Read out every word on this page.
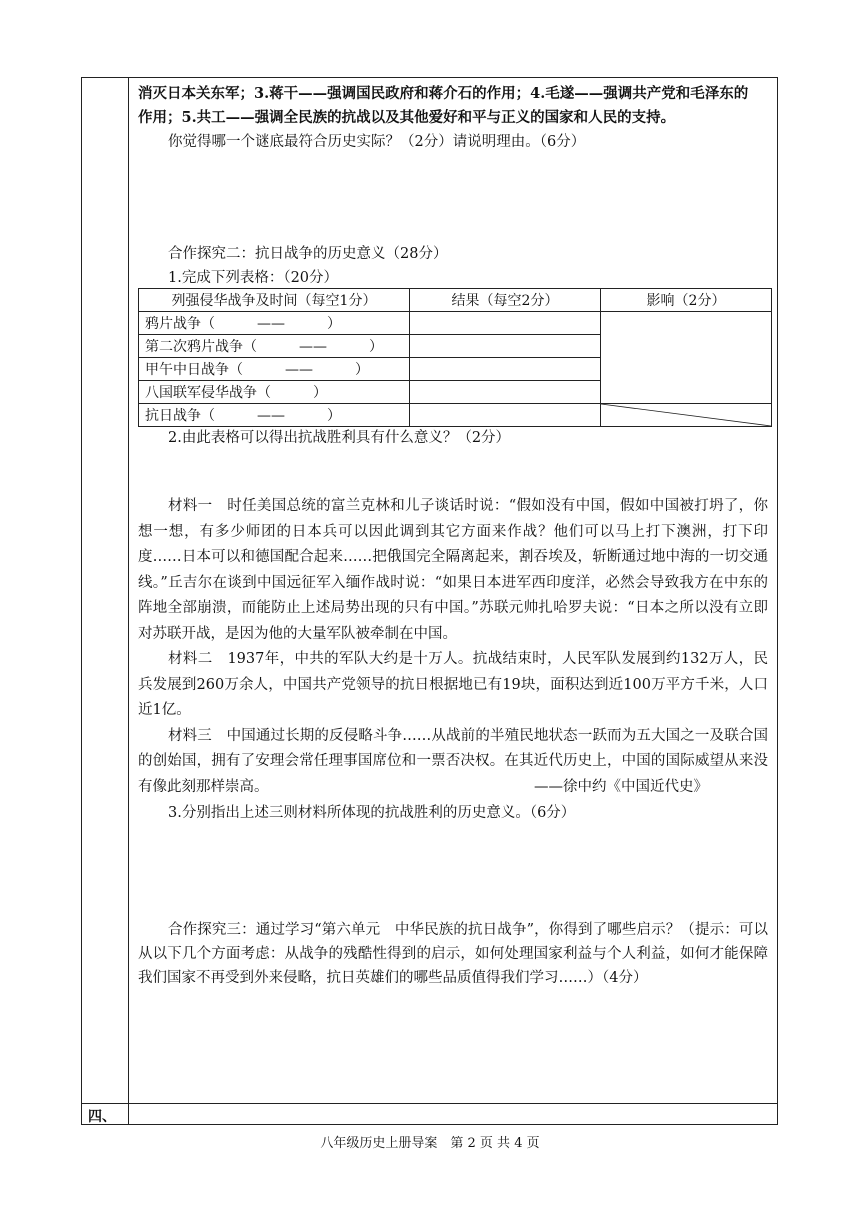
四、

消灭日本关东军；3.蒋干——强调国民政府和蒋介石的作用；4.毛遂——强调共产党和毛泽东的

作用；5.共工——强调全民族的抗战以及其他爱好和平与正义的国家和人民的支持。

你觉得哪一个谜底最符合历史实际？（2分）请说明理由。（6分）

合作探究二：抗日战争的历史意义（28分）

1.完成下列表格：（20分）

列强侵华战争及时间（每空1分）	结果（每空2分）	影响（2分）
鸦片战争（　　　——　　　）		
第二次鸦片战争（　　　——　　　）		
甲午中日战争（　　　——　　　）		
八国联军侵华战争（　　　）		
抗日战争（　　　——　　　）		

2.由此表格可以得出抗战胜利具有什么意义？（2分）

材料一　时任美国总统的富兰克林和儿子谈话时说：“假如没有中国，假如中国被打坍了，你想一想，有多少师团的日本兵可以因此调到其它方面来作战？他们可以马上打下澳洲，打下印度……日本可以和德国配合起来……把俄国完全隔离起来，割吞埃及，斩断通过地中海的一切交通线。”丘吉尔在谈到中国远征军入缅作战时说：“如果日本进军西印度洋，必然会导致我方在中东的阵地全部崩溃，而能防止上述局势出现的只有中国。”苏联元帅扎哈罗夫说：“日本之所以没有立即对苏联开战，是因为他的大量军队被牵制在中国。

材料二　1937年，中共的军队大约是十万人。抗战结束时，人民军队发展到约132万人，民兵发展到260万余人，中国共产党领导的抗日根据地已有19块，面积达到近100万平方千米，人口近1亿。

材料三　中国通过长期的反侵略斗争……从战前的半殖民地状态一跃而为五大国之一及联合国的创始国，拥有了安理会常任理事国席位和一票否决权。在其近代历史上，中国的国际威望从来没有像此刻那样崇高。	——徐中约《中国近代史》

3.分别指出上述三则材料所体现的抗战胜利的历史意义。（6分）

合作探究三：通过学习“第六单元　中华民族的抗日战争”，你得到了哪些启示？（提示：可以从以下几个方面考虑：从战争的残酷性得到的启示，如何处理国家利益与个人利益，如何才能保障我们国家不再受到外来侵略，抗日英雄们的哪些品质值得我们学习……）（4分）

八年级历史上册导案　第 2 页 共 4 页
